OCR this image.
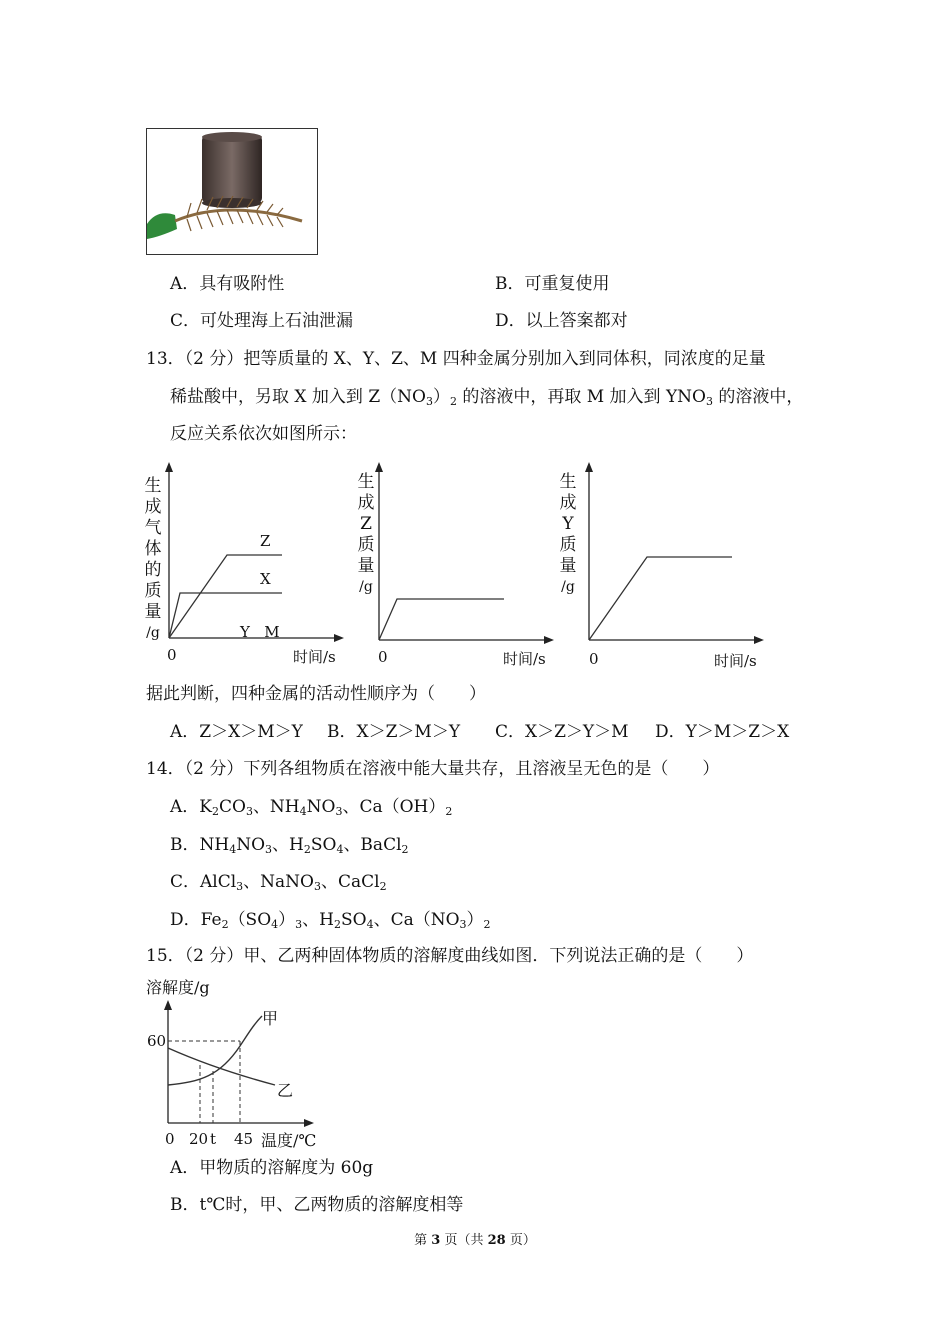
A．具有吸附性	B．可重复使用
C．可处理海上石油泄漏	D．以上答案都对
13．（2 分）把等质量的 X、Y、Z、M 四种金属分别加入到同体积，同浓度的足量
稀盐酸中，另取 X 加入到 $Z(NO_3)_2$ 的溶液中，再取 M 加入到 $YNO_3$ 的溶液中，
反应关系依次如图所示：
生
成
气
体
的
质
量
/g
Z
X
Y   M
0	时间/s
生
成
Z
质
量
/g
0	时间/s
生
成
Y
质
量
/g
0	时间/s
据此判断，四种金属的活动性顺序为（　　）
A．Z＞X＞M＞Y B．X＞Z＞M＞Y C．X＞Z＞Y＞M D．Y＞M＞Z＞X
14．（2 分）下列各组物质在溶液中能大量共存，且溶液呈无色的是（　　）
A．$K_2CO_3$、$NH_4NO_3$、$Ca(OH)_2$
B．$NH_4NO_3$、$H_2SO_4$、BaCl$_2$
C．AlCl$_3$、NaNO$_3$、CaCl$_2$
D．$Fe_2(SO_4)_3$、$H_2SO_4$、$Ca(NO_3)_2$
15．（2 分）甲、乙两种固体物质的溶解度曲线如图．下列说法正确的是（　　）
溶解度/g
60
甲
乙
0 20 t 45 温度/℃
A．甲物质的溶解度为 60g
B．t℃时，甲、乙两物质的溶解度相等
第 3 页（共 28 页）
